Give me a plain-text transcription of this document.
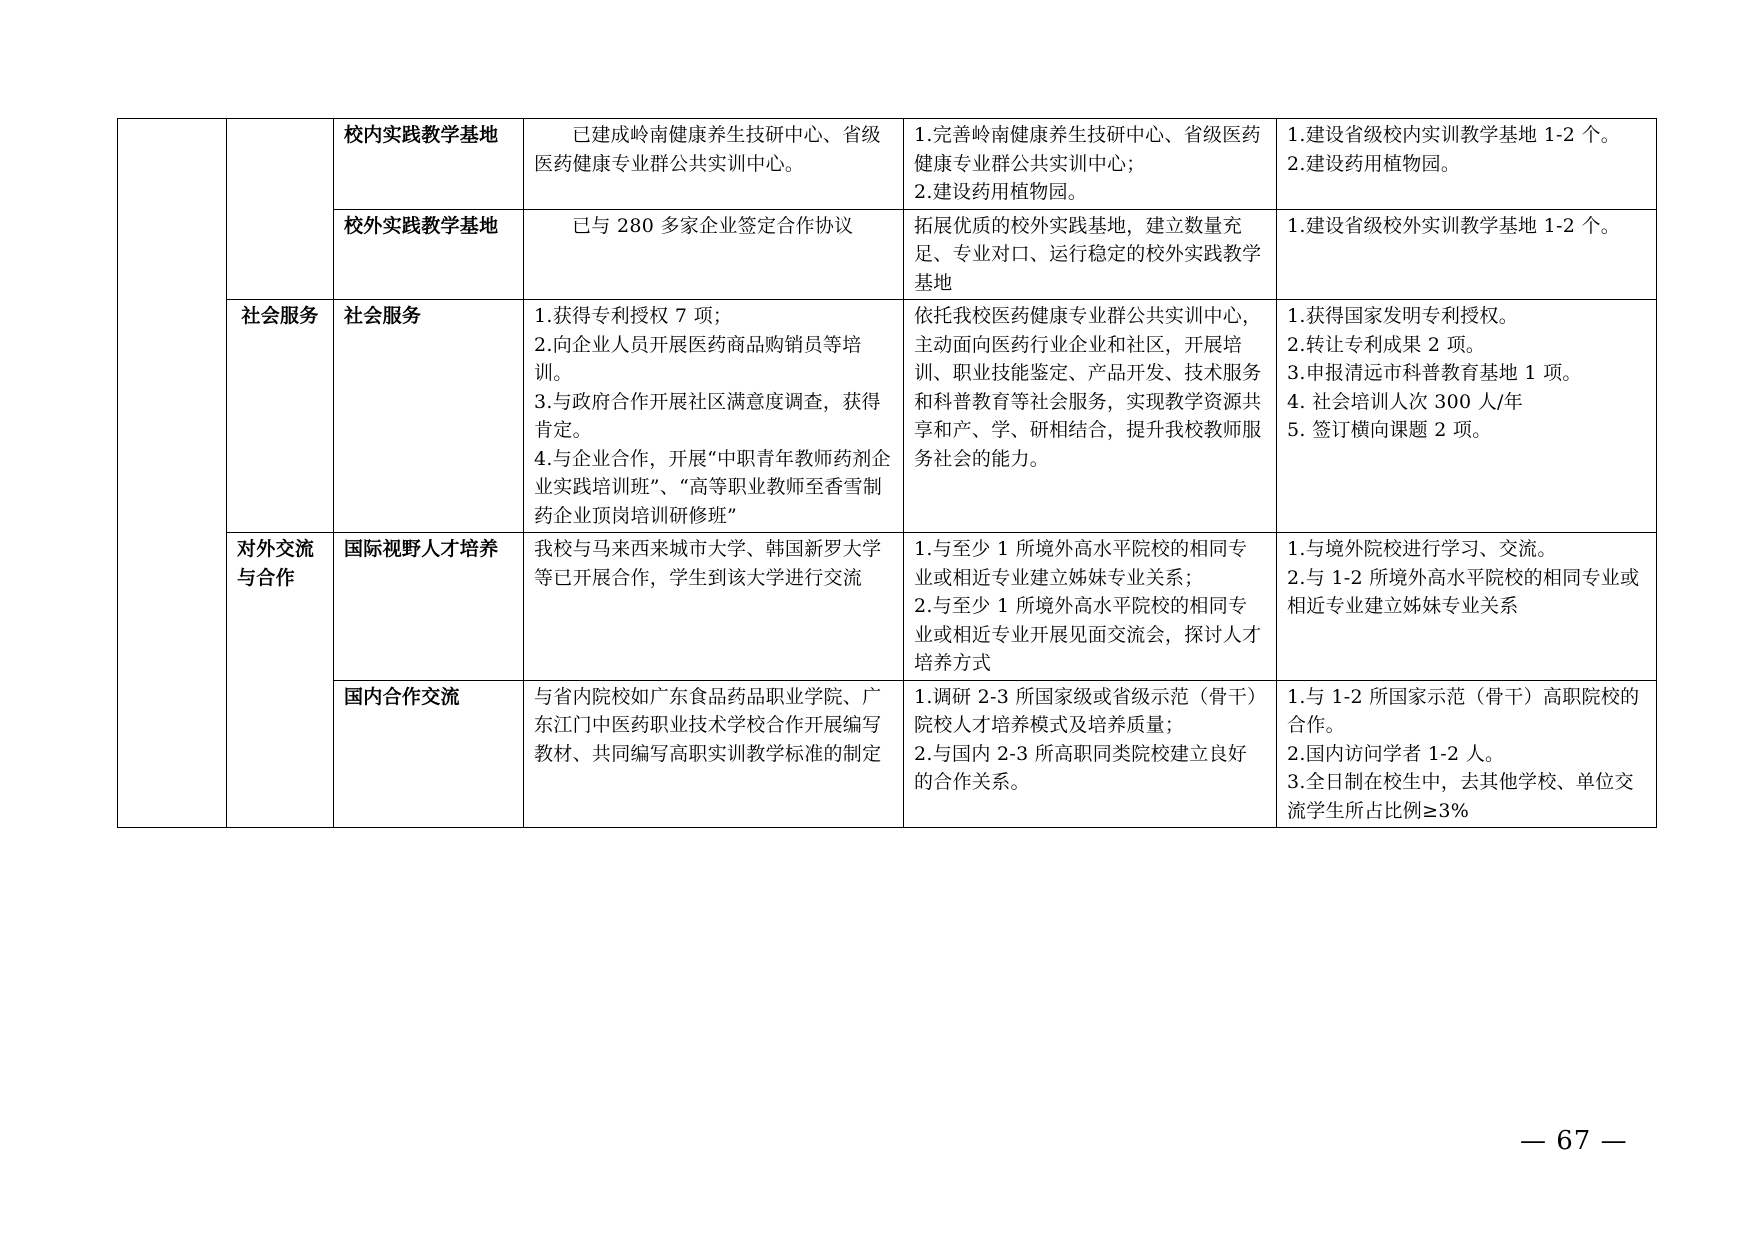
		校内实践教学基地	已建成岭南健康养生技研中心、省级医药健康专业群公共实训中心。	1.完善岭南健康养生技研中心、省级医药健康专业群公共实训中心；
2.建设药用植物园。	1.建设省级校内实训教学基地 1-2 个。
2.建设药用植物园。

		校外实践教学基地	已与 280 多家企业签定合作协议	拓展优质的校外实践基地，建立数量充足、专业对口、运行稳定的校外实践教学基地	1.建设省级校外实训教学基地 1-2 个。

	社会服务	社会服务	1.获得专利授权 7 项；
2.向企业人员开展医药商品购销员等培训。
3.与政府合作开展社区满意度调查，获得肯定。
4.与企业合作，开展“中职青年教师药剂企业实践培训班”、“高等职业教师至香雪制药企业顶岗培训研修班”	依托我校医药健康专业群公共实训中心，主动面向医药行业企业和社区，开展培训、职业技能鉴定、产品开发、技术服务和科普教育等社会服务，实现教学资源共享和产、学、研相结合，提升我校教师服务社会的能力。	1.获得国家发明专利授权。
2.转让专利成果 2 项。
3.申报清远市科普教育基地 1 项。
4. 社会培训人次 300 人/年
5. 签订横向课题 2 项。

	对外交流与合作	国际视野人才培养	我校与马来西来城市大学、韩国新罗大学等已开展合作，学生到该大学进行交流	1.与至少 1 所境外高水平院校的相同专业或相近专业建立姊妹专业关系；
2.与至少 1 所境外高水平院校的相同专业或相近专业开展见面交流会，探讨人才培养方式	1.与境外院校进行学习、交流。
2.与 1-2 所境外高水平院校的相同专业或相近专业建立姊妹专业关系

		国内合作交流	与省内院校如广东食品药品职业学院、广东江门中医药职业技术学校合作开展编写教材、共同编写高职实训教学标准的制定	1.调研 2-3 所国家级或省级示范（骨干）院校人才培养模式及培养质量；
2.与国内 2-3 所高职同类院校建立良好的合作关系。	1.与 1-2 所国家示范（骨干）高职院校的合作。
2.国内访问学者 1-2 人。
3.全日制在校生中，去其他学校、单位交流学生所占比例≥3%
— 67 —
